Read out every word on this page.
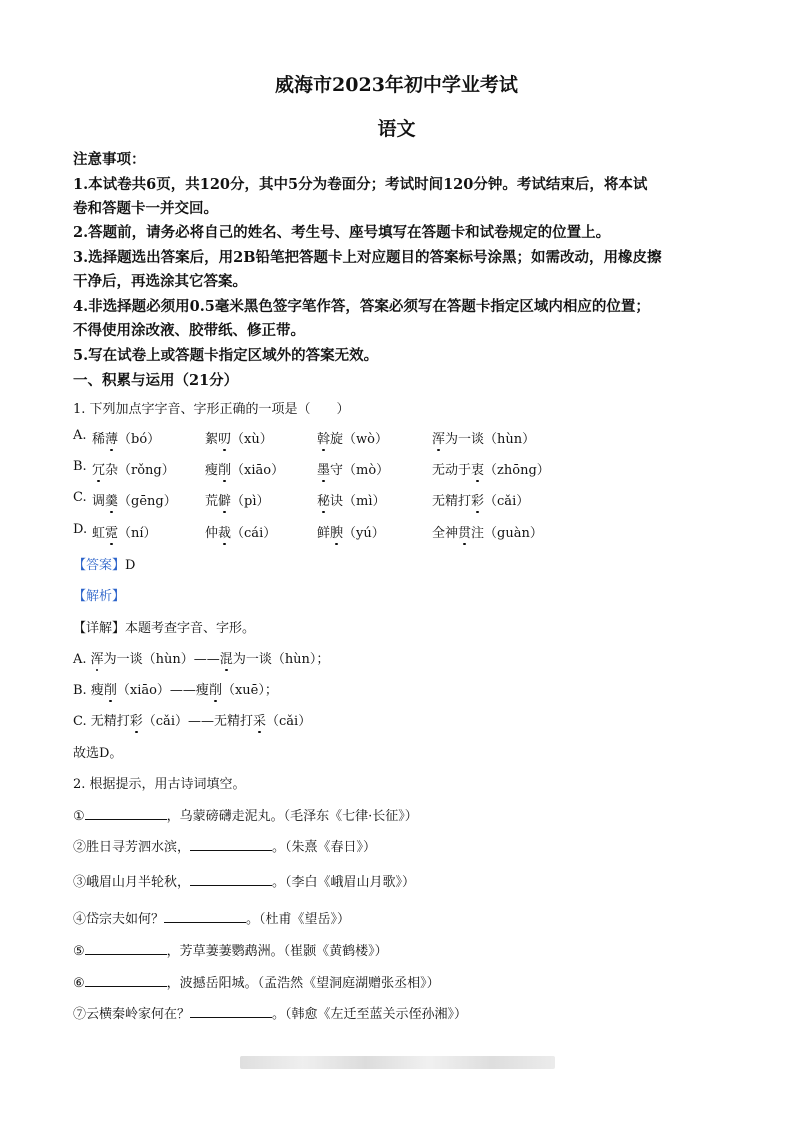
威海市2023年初中学业考试
语文
注意事项：
1.本试卷共6页，共120分，其中5分为卷面分；考试时间120分钟。考试结束后，将本试
卷和答题卡一并交回。
2.答题前，请务必将自己的姓名、考生号、座号填写在答题卡和试卷规定的位置上。
3.选择题选出答案后，用2B铅笔把答题卡上对应题目的答案标号涂黑；如需改动，用橡皮擦
干净后，再选涂其它答案。
4.非选择题必须用0.5毫米黑色签字笔作答，答案必须写在答题卡指定区域内相应的位置；
不得使用涂改液、胶带纸、修正带。
5.写在试卷上或答题卡指定区域外的答案无效。
一、积累与运用（21分）
1. 下列加点字字音、字形正确的一项是（　　）
A. 稀薄（bó）	絮叨（xù）	斡旋（wò）	浑为一谈（hùn）
B. 冗杂（rǒng） 瘦削（xiāo）	墨守（mò）	无动于衷（zhōng）
C. 调羹（gēng） 荒僻（pì）	秘诀（mì）	无精打彩（cǎi）
D. 虹霓（ní）	仲裁（cái）	鲜腴（yú）	全神贯注（guàn）
【答案】D
【解析】
【详解】本题考查字音、字形。
A. 浑为一谈（hùn）——混为一谈（hùn）；
B. 瘦削（xiāo）——瘦削（xuē）；
C. 无精打彩（cǎi）——无精打采（cǎi）
故选D。
2. 根据提示，用古诗词填空。
①	，乌蒙磅礴走泥丸。（毛泽东《七律·长征》）
②胜日寻芳泗水滨，	。（朱熹《春日》）
③峨眉山月半轮秋，	。（李白《峨眉山月歌》）
④岱宗夫如何？	。（杜甫《望岳》）
⑤	，芳草萋萋鹦鹉洲。（崔颢《黄鹤楼》）
⑥	，波撼岳阳城。（孟浩然《望洞庭湖赠张丞相》）
⑦云横秦岭家何在？	。（韩愈《左迁至蓝关示侄孙湘》）
